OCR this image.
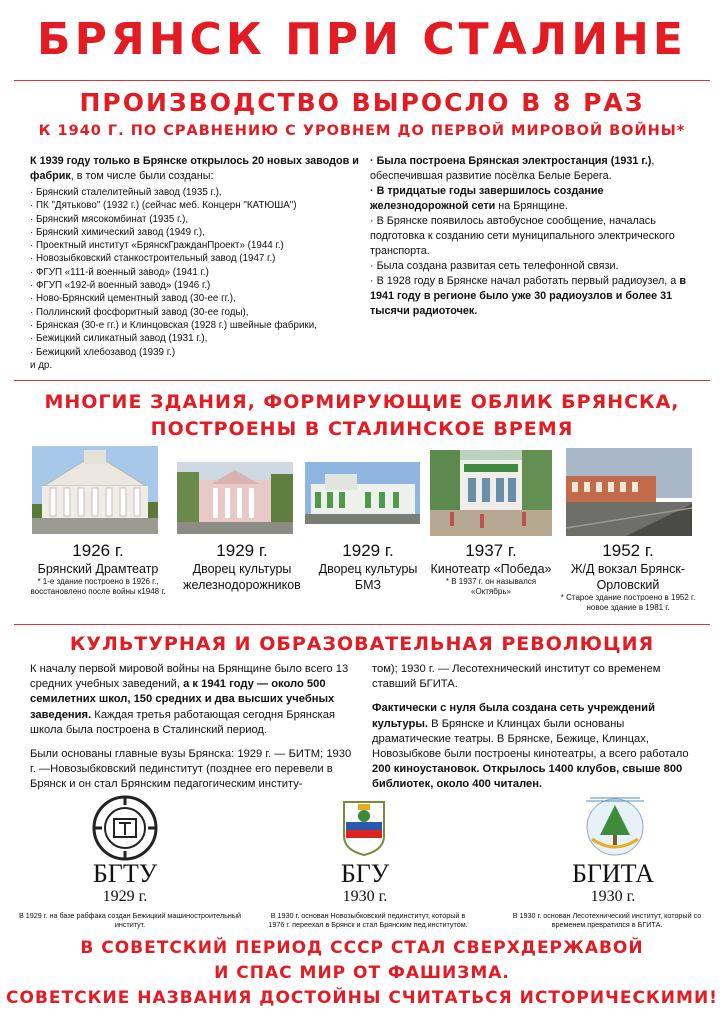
БРЯНСК ПРИ СТАЛИНЕ
ПРОИЗВОДСТВО ВЫРОСЛО В 8 РАЗ
К 1940 Г. ПО СРАВНЕНИЮ С УРОВНЕМ ДО ПЕРВОЙ МИРОВОЙ ВОЙНЫ*

К 1939 году только в Брянске открылось 20 новых заводов и фабрик, в том числе были созданы:

· Брянский сталелитейный завод (1935 г.),
· ПК "Дятьково" (1932 г.) (сейчас меб. Концерн "КАТЮША")
· Брянский мясокомбинат (1935 г.),
· Брянский химический завод (1949 г.),
· Проектный институт «БрянскГражданПроект» (1944 г.)
· Новозыбковский станкостроительный завод (1947 г.)
· ФГУП «111-й военный завод» (1941 г.)
· ФГУП «192-й военный завод» (1946 г.)
· Ново-Брянский цементный завод (30-ее гг.),
· Поллинский фосфоритный завод (30-ее годы),
· Брянская (30-е гг.) и Клинцовская (1928 г.) швейные фабрики,
· Бежицкий силикатный завод (1931 г.),
· Бежицкий хлебозавод (1939 г.)
и др.

· Была построена Брянская электростанция (1931 г.), обеспечившая развитие посёлка Белые Берега.

· В тридцатые годы завершилось создание железнодорожной сети на Брянщине.

· В Брянске появилось автобусное сообщение, началась подготовка к созданию сети муниципального электрического транспорта.

· Была создана развитая сеть телефонной связи.

· В 1928 году в Брянске начал работать первый радиоузел, а в 1941 году в регионе было уже 30 радиоузлов и более 31 тысячи радиоточек.

МНОГИЕ ЗДАНИЯ, ФОРМИРУЮЩИЕ ОБЛИК БРЯНСКА,
ПОСТРОЕНЫ В СТАЛИНСКОЕ ВРЕМЯ
1926 г.
Брянский Драмтеатр
* 1-е здание построено в 1926 г., восстановлено после войны к1948 г.
1929 г.
Дворец культуры железнодорожников
1929 г.
Дворец культуры БМЗ
1937 г.
Кинотеатр «Победа»
* В 1937 г. он назывался «Октябрь»
1952 г.
Ж/Д вокзал Брянск-Орловский
* Старое здание построено в 1952 г. новое здание в 1981 г.
КУЛЬТУРНАЯ И ОБРАЗОВАТЕЛЬНАЯ РЕВОЛЮЦИЯ

К началу первой мировой войны на Брянщине было всего 13 средних учебных заведений, а к 1941 году — около 500 семилетних школ, 150 средних и два высших учебных заведения. Каждая третья работающая сегодня Брянская школа была построена в Сталинский период.

Были основаны главные вузы Брянска: 1929 г. — БИТМ; 1930 г. —Новозыбковский пединститут (позднее его перевели в Брянск и он стал Брянским педагогическим институ-

том); 1930 г. — Лесотехнический институт со временем ставший БГИТА.

Фактически с нуля была создана сеть учреждений культуры. В Брянске и Клинцах были основаны драматические театры. В Брянске, Бежице, Клинцах, Новозыбкове были построены кинотеатры, а всего работало 200 киноустановок. Открылось 1400 клубов, свыше 800 библиотек, около 400 читален.

БГТУ
1929 г.
БГУ
1930 г.
БГИТА
1930 г.
В 1929 г. на базе рабфака создан Бежицкий машиностроительный институт.
В 1930 г. основан Новозыбковский пединститут, который в 1976 г. переехал в Брянск и стал Брянским пед.институтом.
В 1930 г. основан Лесотехнический институт, который со временем превратился в БГИТА.
В СОВЕТСКИЙ ПЕРИОД СССР СТАЛ СВЕРХДЕРЖАВОЙ
И СПАС МИР ОТ ФАШИЗМА.
СОВЕТСКИЕ НАЗВАНИЯ ДОСТОЙНЫ СЧИТАТЬСЯ ИСТОРИЧЕСКИМИ!
